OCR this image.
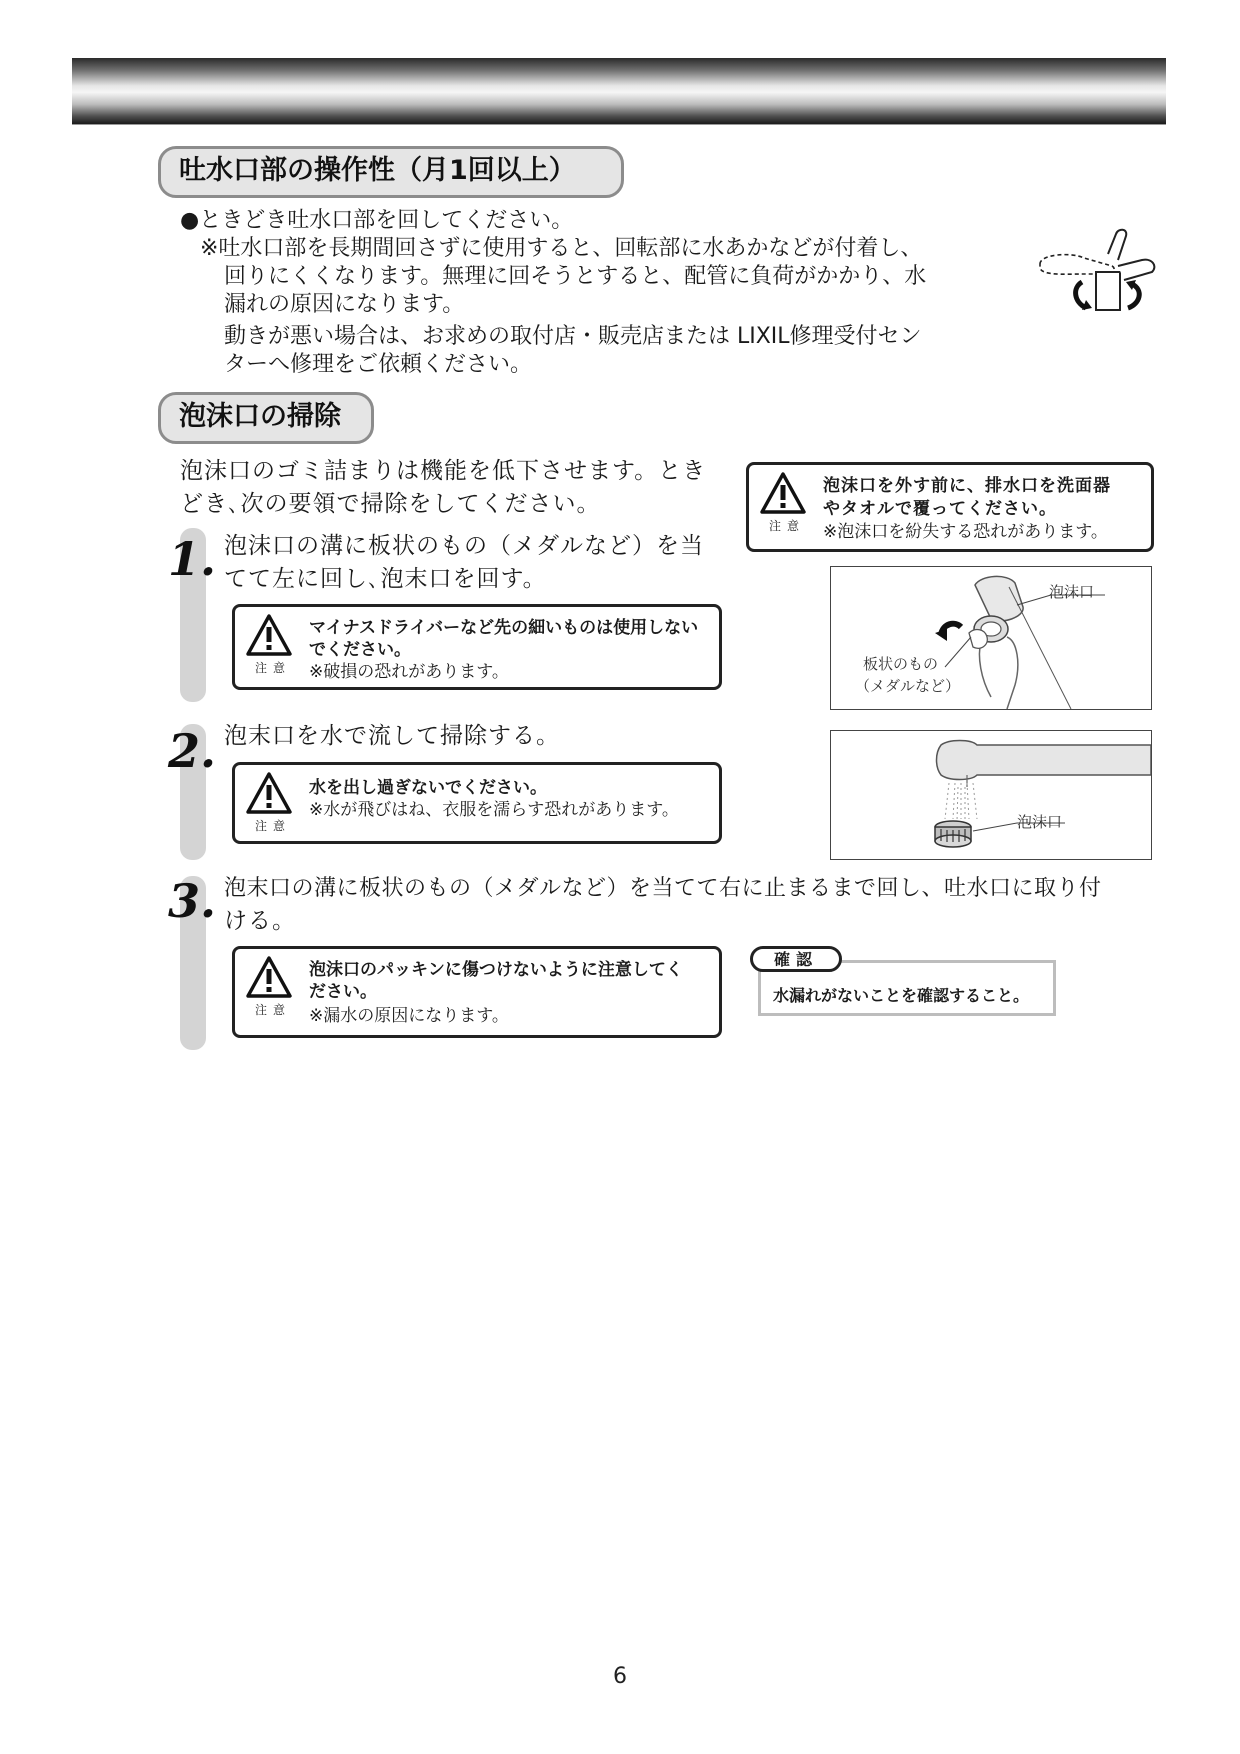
吐水口部の操作性（月1回以上）
●ときどき吐水口部を回してください。
※吐水口部を長期間回さずに使用すると、回転部に水あかなどが付着し、
回りにくくなります。無理に回そうとすると、配管に負荷がかかり、水
漏れの原因になります。
動きが悪い場合は、お求めの取付店・販売店または LIXIL修理受付セン
ターへ修理をご依頼ください。
泡沫口の掃除
泡沫口のゴミ詰まりは機能を低下させます。とき
どき､次の要領で掃除をしてください。
注意
泡沫口を外す前に、排水口を洗面器
やタオルで覆ってください。
※泡沫口を紛失する恐れがあります。
1. 泡沫口の溝に板状のもの（メダルなど）を当
てて左に回し､泡末口を回す。
注意
マイナスドライバーなど先の細いものは使用しない
でください。
※破損の恐れがあります。
泡沫口
板状のもの
（メダルなど）
2. 泡末口を水で流して掃除する。
注意
水を出し過ぎないでください。
※水が飛びはね、衣服を濡らす恐れがあります。
泡沫口
3. 泡末口の溝に板状のもの（メダルなど）を当てて右に止まるまで回し、吐水口に取り付
ける。
注意
泡沫口のパッキンに傷つけないように注意してく
ださい。
※漏水の原因になります。
水漏れがないことを確認すること。
確認
6
